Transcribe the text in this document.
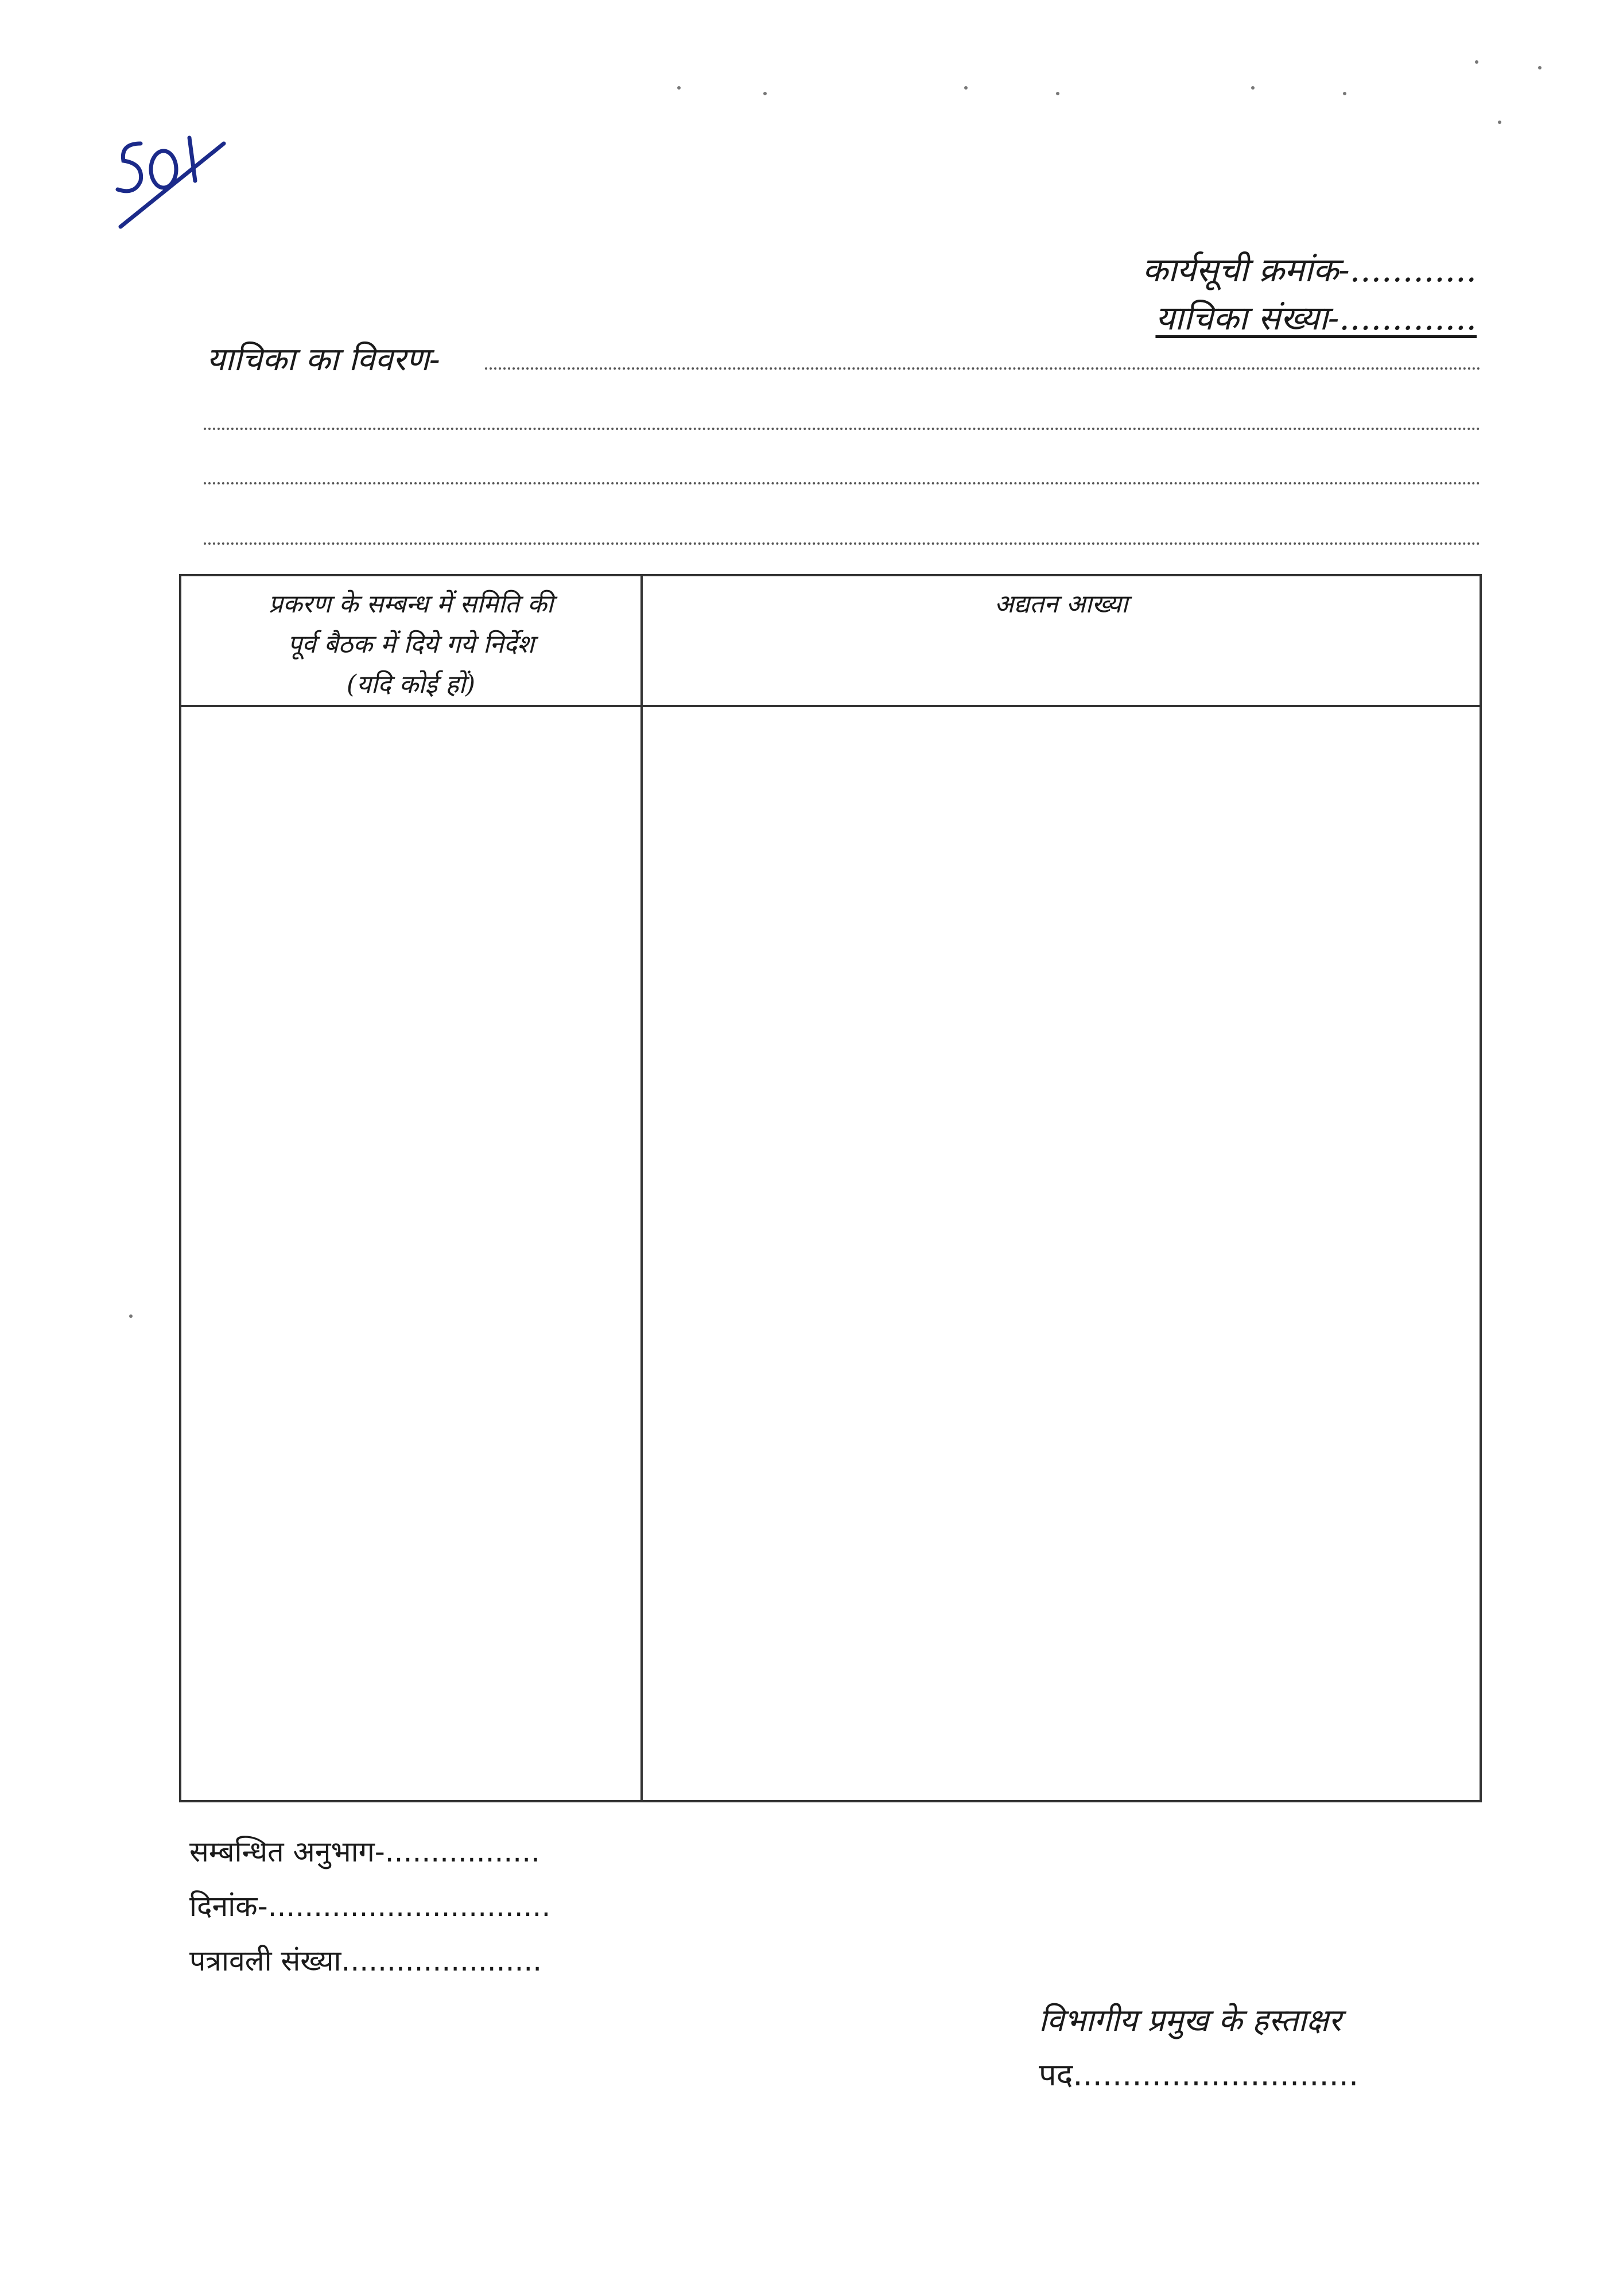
कार्यसूची क्रमांक-............
याचिका संख्या-.............
याचिका का विवरण-
प्रकरण के सम्बन्ध में समिति की
पूर्व बैठक में दिये गये निर्देश
(यदि कोई हों)	अद्यतन आख्या

सम्बन्धित अनुभाग-.................
दिनांक-...............................
पत्रावली संख्या......................
विभागीय प्रमुख के हस्ताक्षर
पद.............................
